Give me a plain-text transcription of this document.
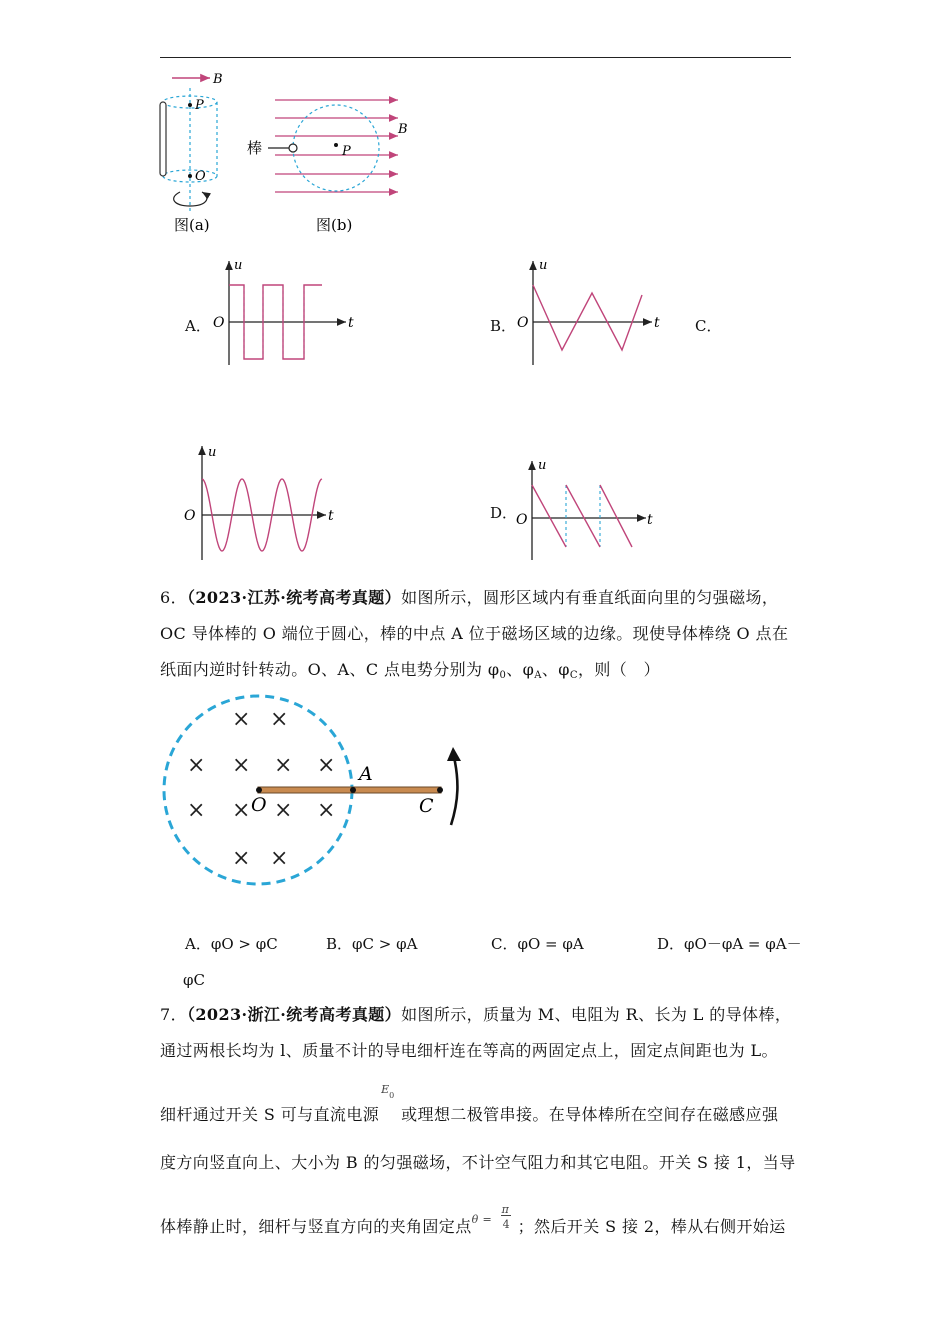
B
P
O
图(a)
B
棒	P
图(b)
A．
u
O	t	B．
u
O	t C．
u
O	t	D．
u
O	t
6．（2023·江苏·统考高考真题）如图所示，圆形区域内有垂直纸面向里的匀强磁场，
OC 导体棒的 O 端位于圆心，棒的中点 A 位于磁场区域的边缘。现使导体棒绕 O 点在
纸面内逆时针转动。O、A、C 点电势分别为 $\varphi_0$、$\varphi_A$、$\varphi_C$，则（　）
× ×
× × × ×
× × × ×
× ×
O
A
C
A．φO > φC	B．φC > φA	C．φO = φA	D．φO－φA = φA－
φC
7．（2023·浙江·统考高考真题）如图所示，质量为 M、电阻为 R、长为 L 的导体棒，
通过两根长均为 l、质量不计的导电细杆连在等高的两固定点上，固定点间距也为 L。
细杆通过开关 S 可与直流电源
E 0
或理想二极管串接。在导体棒所在空间存在磁感应强
度方向竖直向上、大小为 B 的匀强磁场，不计空气阻力和其它电阻。开关 S 接 1，当导
体棒静止时，细杆与竖直方向的夹角固定点 θ =
π
4 ；然后开关 S 接 2，棒从右侧开始运
